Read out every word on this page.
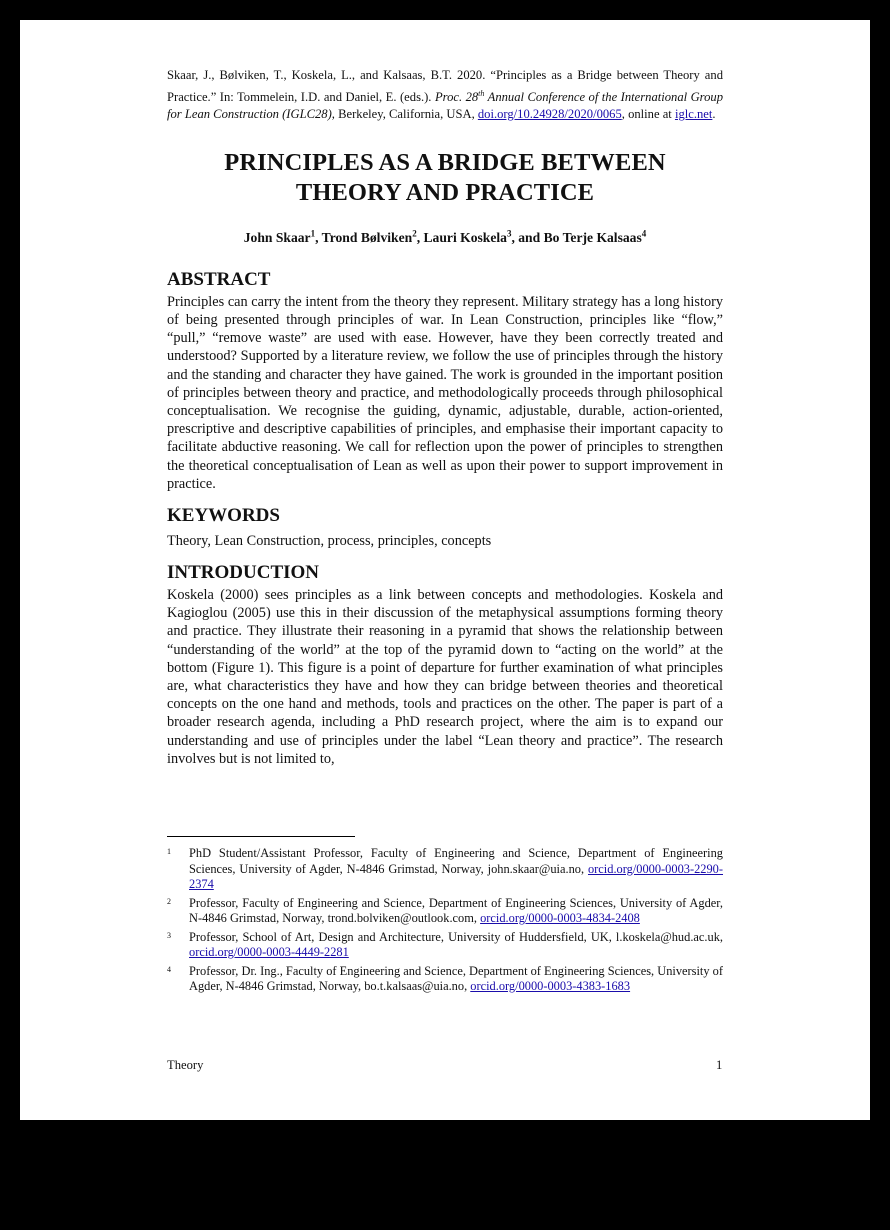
Skaar, J., Bølviken, T., Koskela, L., and Kalsaas, B.T. 2020. “Principles as a Bridge between Theory and Practice.” In: Tommelein, I.D. and Daniel, E. (eds.). Proc. 28th Annual Conference of the International Group for Lean Construction (IGLC28), Berkeley, California, USA, doi.org/10.24928/2020/0065, online at iglc.net.
PRINCIPLES AS A BRIDGE BETWEEN
THEORY AND PRACTICE
John Skaar$^1$, Trond Bølviken$^2$, Lauri Koskela$^3$, and Bo Terje Kalsaas$^4$
ABSTRACT
Principles can carry the intent from the theory they represent. Military strategy has a long history of being presented through principles of war. In Lean Construction, principles like “flow,” “pull,” “remove waste” are used with ease. However, have they been correctly treated and understood? Supported by a literature review, we follow the use of principles through the history and the standing and character they have gained. The work is grounded in the important position of principles between theory and practice, and methodologically proceeds through philosophical conceptualisation. We recognise the guiding, dynamic, adjustable, durable, action-oriented, prescriptive and descriptive capabilities of principles, and emphasise their important capacity to facilitate abductive reasoning. We call for reflection upon the power of principles to strengthen the theoretical conceptualisation of Lean as well as upon their power to support improvement in practice.
KEYWORDS
Theory, Lean Construction, process, principles, concepts
INTRODUCTION
Koskela (2000) sees principles as a link between concepts and methodologies. Koskela and Kagioglou (2005) use this in their discussion of the metaphysical assumptions forming theory and practice. They illustrate their reasoning in a pyramid that shows the relationship between “understanding of the world” at the top of the pyramid down to “acting on the world” at the bottom (Figure 1). This figure is a point of departure for further examination of what principles are, what characteristics they have and how they can bridge between theories and theoretical concepts on the one hand and methods, tools and practices on the other. The paper is part of a broader research agenda, including a PhD research project, where the aim is to expand our understanding and use of principles under the label “Lean theory and practice”. The research involves but is not limited to,
1	PhD Student/Assistant Professor, Faculty of Engineering and Science, Department of Engineering Sciences, University of Agder, N-4846 Grimstad, Norway, john.skaar@uia.no, orcid.org/0000-0003-2290-2374
2	Professor, Faculty of Engineering and Science, Department of Engineering Sciences, University of Agder, N-4846 Grimstad, Norway, trond.bolviken@outlook.com, orcid.org/0000-0003-4834-2408
3	Professor, School of Art, Design and Architecture, University of Huddersfield, UK, l.koskela@hud.ac.uk, orcid.org/0000-0003-4449-2281
4	Professor, Dr. Ing., Faculty of Engineering and Science, Department of Engineering Sciences, University of Agder, N-4846 Grimstad, Norway, bo.t.kalsaas@uia.no, orcid.org/0000-0003-4383-1683
Theory	1
